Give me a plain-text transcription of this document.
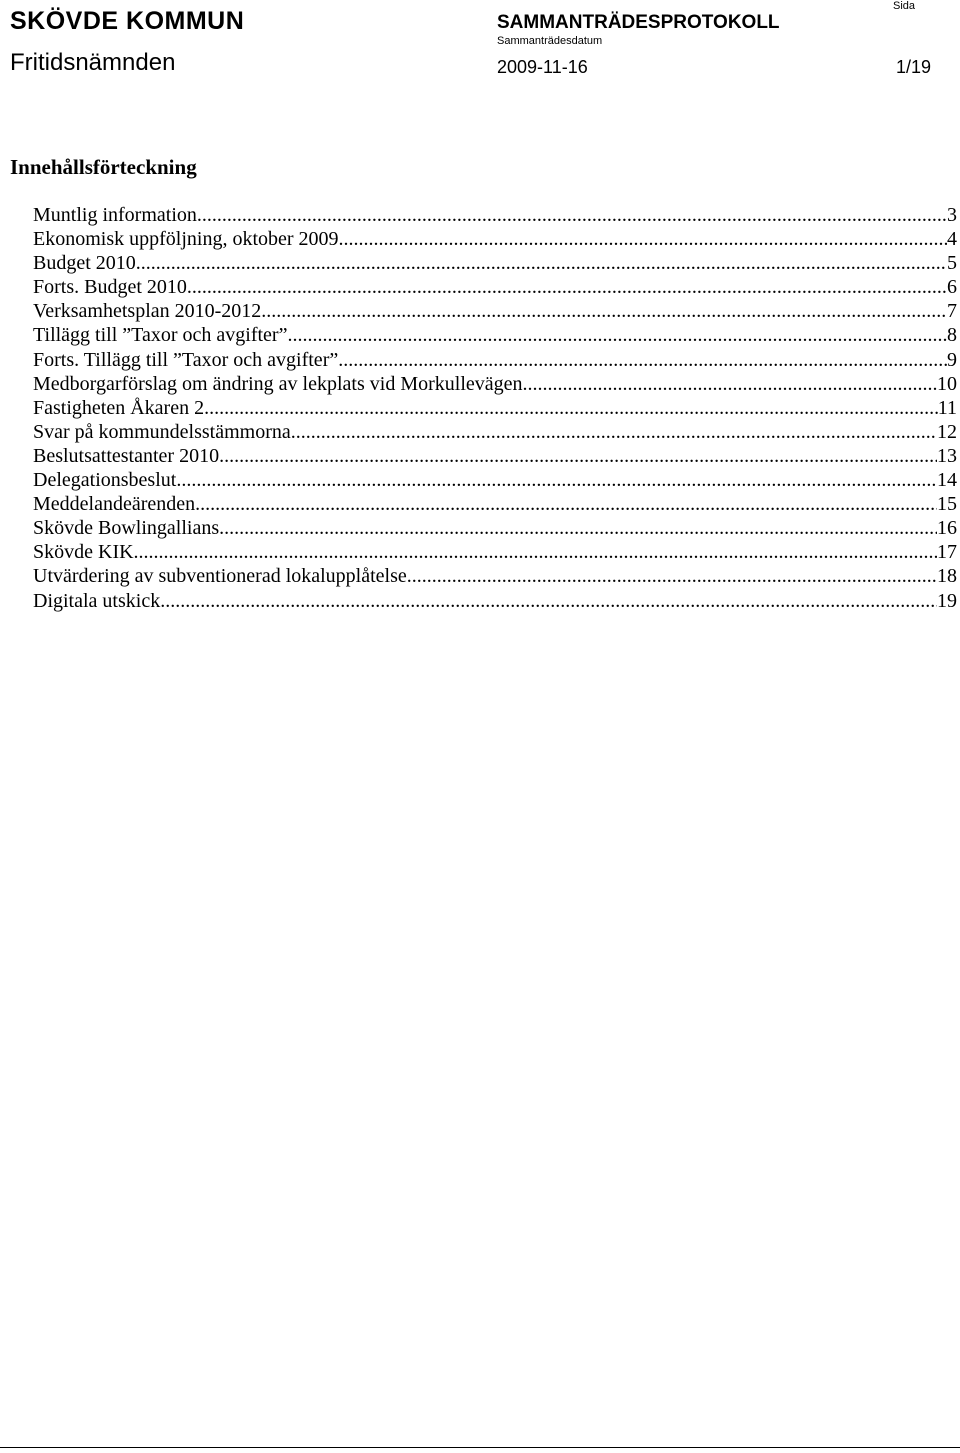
SKÖVDE KOMMUN	SAMMANTRÄDESPROTOKOLL
Sida
Sammanträdesdatum
Fritidsnämnden	2009-11-16	1/19
Innehållsförteckning
Muntlig information .....	3
Ekonomisk uppföljning, oktober 2009 .....	4
Budget 2010 .....	5
Forts. Budget 2010 .....	6
Verksamhetsplan 2010-2012 .....	7
Tillägg till ”Taxor och avgifter” .....	8
Forts. Tillägg till ”Taxor och avgifter” .....	9
Medborgarförslag om ändring av lekplats vid Morkullevägen .....	10
Fastigheten Åkaren 2 .....	11
Svar på kommundelsstämmorna .....	12
Beslutsattestanter 2010 .....	13
Delegationsbeslut .....	14
Meddelandeärenden .....	15
Skövde Bowlingallians .....	16
Skövde KIK .....	17
Utvärdering av subventionerad lokalupplåtelse .....	18
Digitala utskick .....	19
